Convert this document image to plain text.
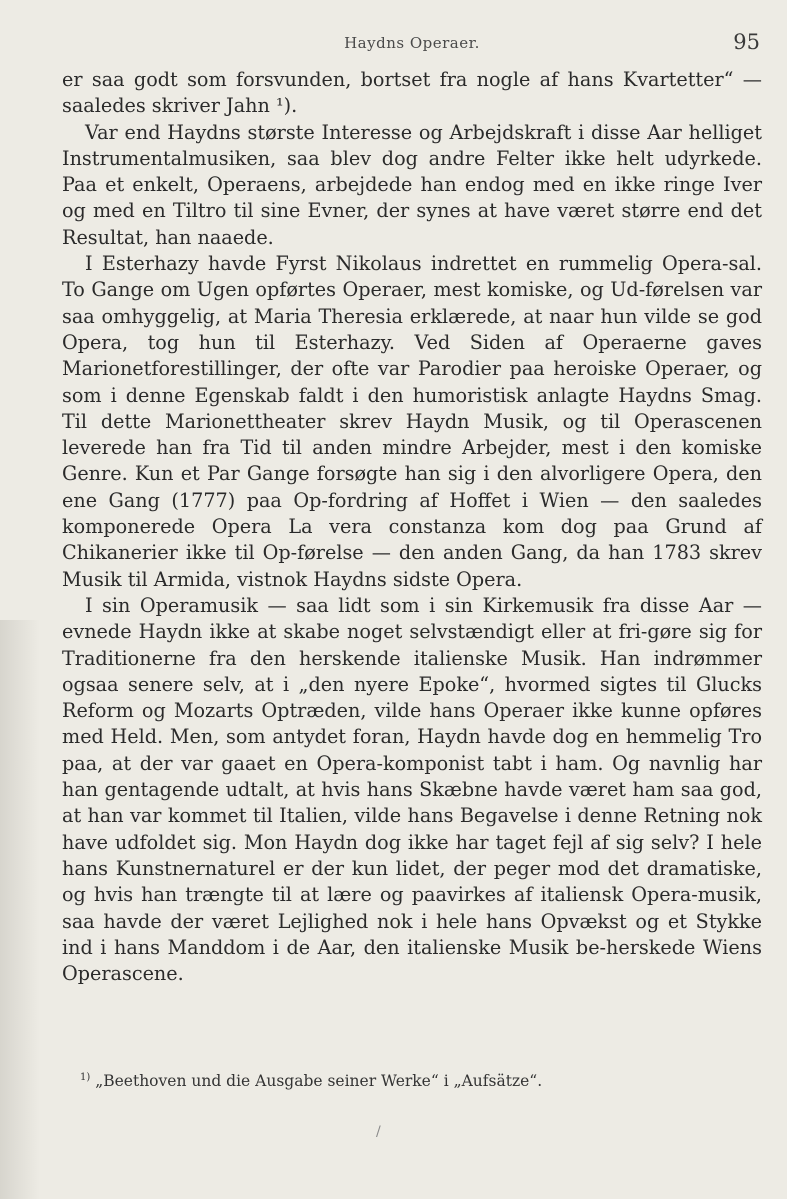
Haydns Operaer.	95

er saa godt som forsvunden, bortset fra nogle af hans Kvartetter“ — saaledes skriver Jahn ¹).

Var end Haydns største Interesse og Arbejdskraft i disse Aar helliget Instrumentalmusiken, saa blev dog andre Felter ikke helt udyrkede. Paa et enkelt, Operaens, arbejdede han endog med en ikke ringe Iver og med en Tiltro til sine Evner, der synes at have været større end det Resultat, han naaede.

I Esterhazy havde Fyrst Nikolaus indrettet en rummelig Opera-sal. To Gange om Ugen opførtes Operaer, mest komiske, og Ud-førelsen var saa omhyggelig, at Maria Theresia erklærede, at naar hun vilde se god Opera, tog hun til Esterhazy. Ved Siden af Operaerne gaves Marionetforestillinger, der ofte var Parodier paa heroiske Operaer, og som i denne Egenskab faldt i den humoristisk anlagte Haydns Smag. Til dette Marionettheater skrev Haydn Musik, og til Operascenen leverede han fra Tid til anden mindre Arbejder, mest i den komiske Genre. Kun et Par Gange forsøgte han sig i den alvorligere Opera, den ene Gang (1777) paa Op-fordring af Hoffet i Wien — den saaledes komponerede Opera La vera constanza kom dog paa Grund af Chikanerier ikke til Op-førelse — den anden Gang, da han 1783 skrev Musik til Armida, vistnok Haydns sidste Opera.

I sin Operamusik — saa lidt som i sin Kirkemusik fra disse Aar — evnede Haydn ikke at skabe noget selvstændigt eller at fri-gøre sig for Traditionerne fra den herskende italienske Musik. Han indrømmer ogsaa senere selv, at i „den nyere Epoke“, hvormed sigtes til Glucks Reform og Mozarts Optræden, vilde hans Operaer ikke kunne opføres med Held. Men, som antydet foran, Haydn havde dog en hemmelig Tro paa, at der var gaaet en Opera-komponist tabt i ham. Og navnlig har han gentagende udtalt, at hvis hans Skæbne havde været ham saa god, at han var kommet til Italien, vilde hans Begavelse i denne Retning nok have udfoldet sig. Mon Haydn dog ikke har taget fejl af sig selv? I hele hans Kunstnernaturel er der kun lidet, der peger mod det dramatiske, og hvis han trængte til at lære og paavirkes af italiensk Opera-musik, saa havde der været Lejlighed nok i hele hans Opvækst og et Stykke ind i hans Manddom i de Aar, den italienske Musik be-herskede Wiens Operascene.

$^{1)}$ „Beethoven und die Ausgabe seiner Werke“ i „Aufsätze“.
/
